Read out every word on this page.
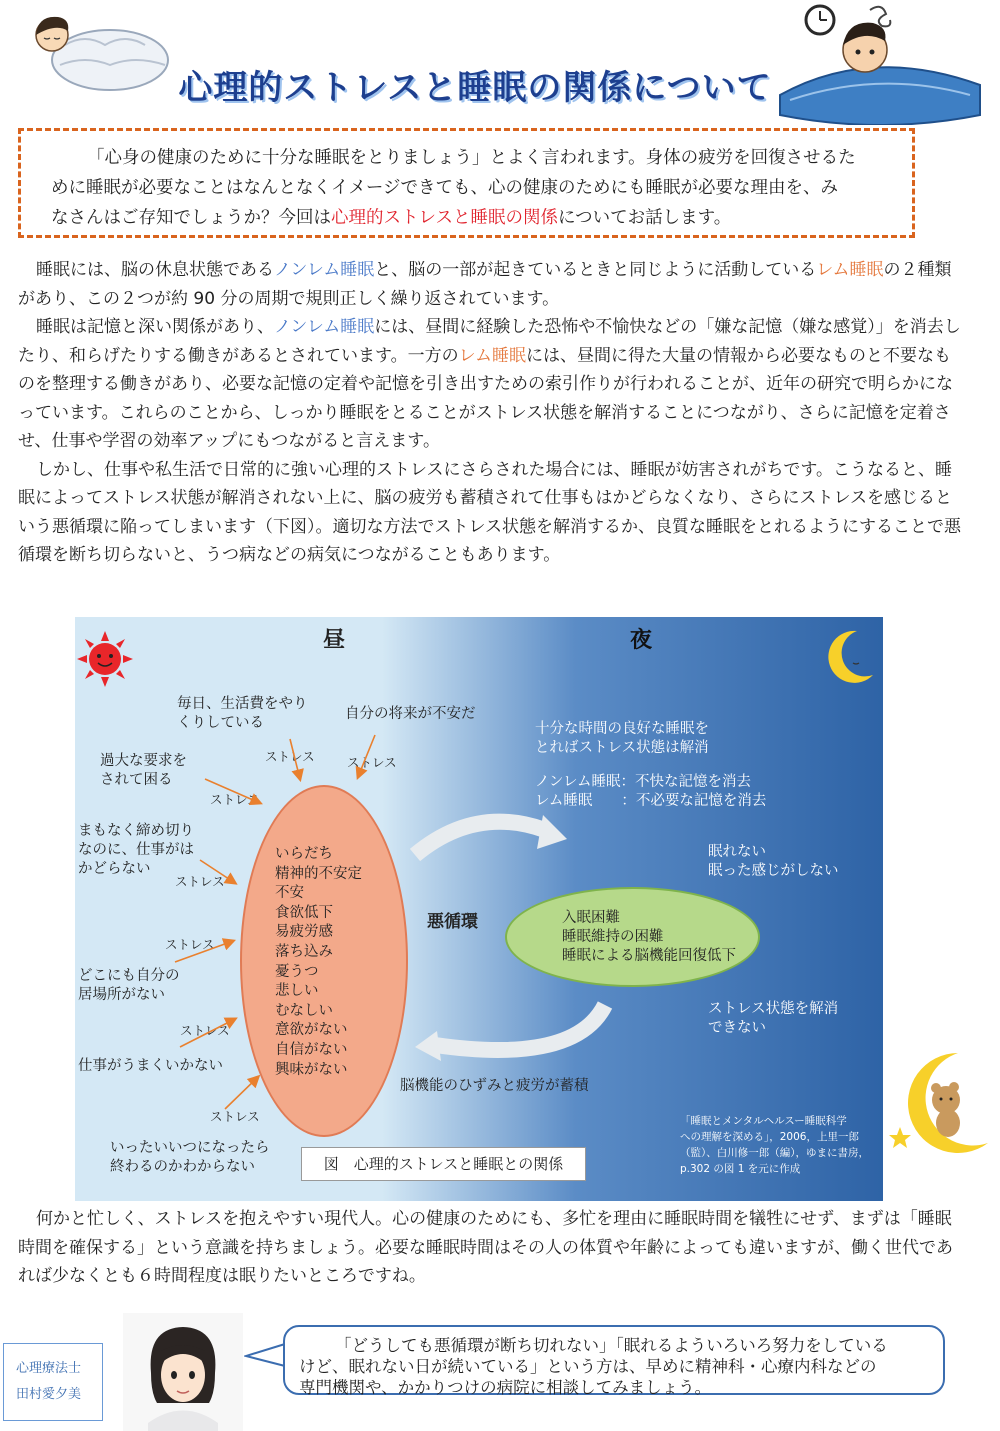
心理的ストレスと睡眠の関係について
「心身の健康のために十分な睡眠をとりましょう」とよく言われます。身体の疲労を回復させるた
めに睡眠が必要なことはなんとなくイメージできても、心の健康のためにも睡眠が必要な理由を、み
なさんはご存知でしょうか？今回は心理的ストレスと睡眠の関係についてお話します。

睡眠には、脳の休息状態であるノンレム睡眠と、脳の一部が起きているときと同じように活動しているレム睡眠の２種類があり、この２つが約 90 分の周期で規則正しく繰り返されています。

睡眠は記憶と深い関係があり、ノンレム睡眠には、昼間に経験した恐怖や不愉快などの「嫌な記憶（嫌な感覚）」を消去したり、和らげたりする働きがあるとされています。一方のレム睡眠には、昼間に得た大量の情報から必要なものと不要なものを整理する働きがあり、必要な記憶の定着や記憶を引き出すための索引作りが行われることが、近年の研究で明らかになっています。これらのことから、しっかり睡眠をとることがストレス状態を解消することにつながり、さらに記憶を定着させ、仕事や学習の効率アップにもつながると言えます。

しかし、仕事や私生活で日常的に強い心理的ストレスにさらされた場合には、睡眠が妨害されがちです。こうなると、睡眠によってストレス状態が解消されない上に、脳の疲労も蓄積されて仕事もはかどらなくなり、さらにストレスを感じるという悪循環に陥ってしまいます（下図）。適切な方法でストレス状態を解消するか、良質な睡眠をとれるようにすることで悪循環を断ち切らないと、うつ病などの病気につながることもあります。

昼	夜
毎日、生活費をやり
くりしている
自分の将来が不安だ
過大な要求を
されて困る
まもなく締め切り
なのに、仕事がは
かどらない
どこにも自分の
居場所がない
仕事がうまくいかない
いったいいつになったら
終わるのかわからない
ストレス	ストレス
ストレス
ストレス
ストレス
ストレス
ストレス
いらだち
精神的不安定
不安
食欲低下
易疲労感
落ち込み
憂うつ
悲しい
むなしい
意欲がない
自信がない
興味がない
悪循環	入眠困難
睡眠維持の困難
睡眠による脳機能回復低下
十分な時間の良好な睡眠を
とればストレス状態は解消
ノンレム睡眠：不快な記憶を消去
レム睡眠　　：不必要な記憶を消去
眠れない
眠った感じがしない
ストレス状態を解消
できない
脳機能のひずみと疲労が蓄積
「睡眠とメンタルヘルスー睡眠科学
への理解を深める」，2006，上里一郎
（監）、白川修一郎（編），ゆまに書房，
p.302 の図 1 を元に作成
図　心理的ストレスと睡眠との関係

何かと忙しく、ストレスを抱えやすい現代人。心の健康のためにも、多忙を理由に睡眠時間を犠牲にせず、まずは「睡眠時間を確保する」という意識を持ちましょう。必要な睡眠時間はその人の体質や年齢によっても違いますが、働く世代であれば少なくとも６時間程度は眠りたいところですね。

心理療法士
田村愛夕美
「どうしても悪循環が断ち切れない」「眠れるよういろいろ努力をしている
けど、眠れない日が続いている」という方は、早めに精神科・心療内科などの
専門機関や、かかりつけの病院に相談してみましょう。
